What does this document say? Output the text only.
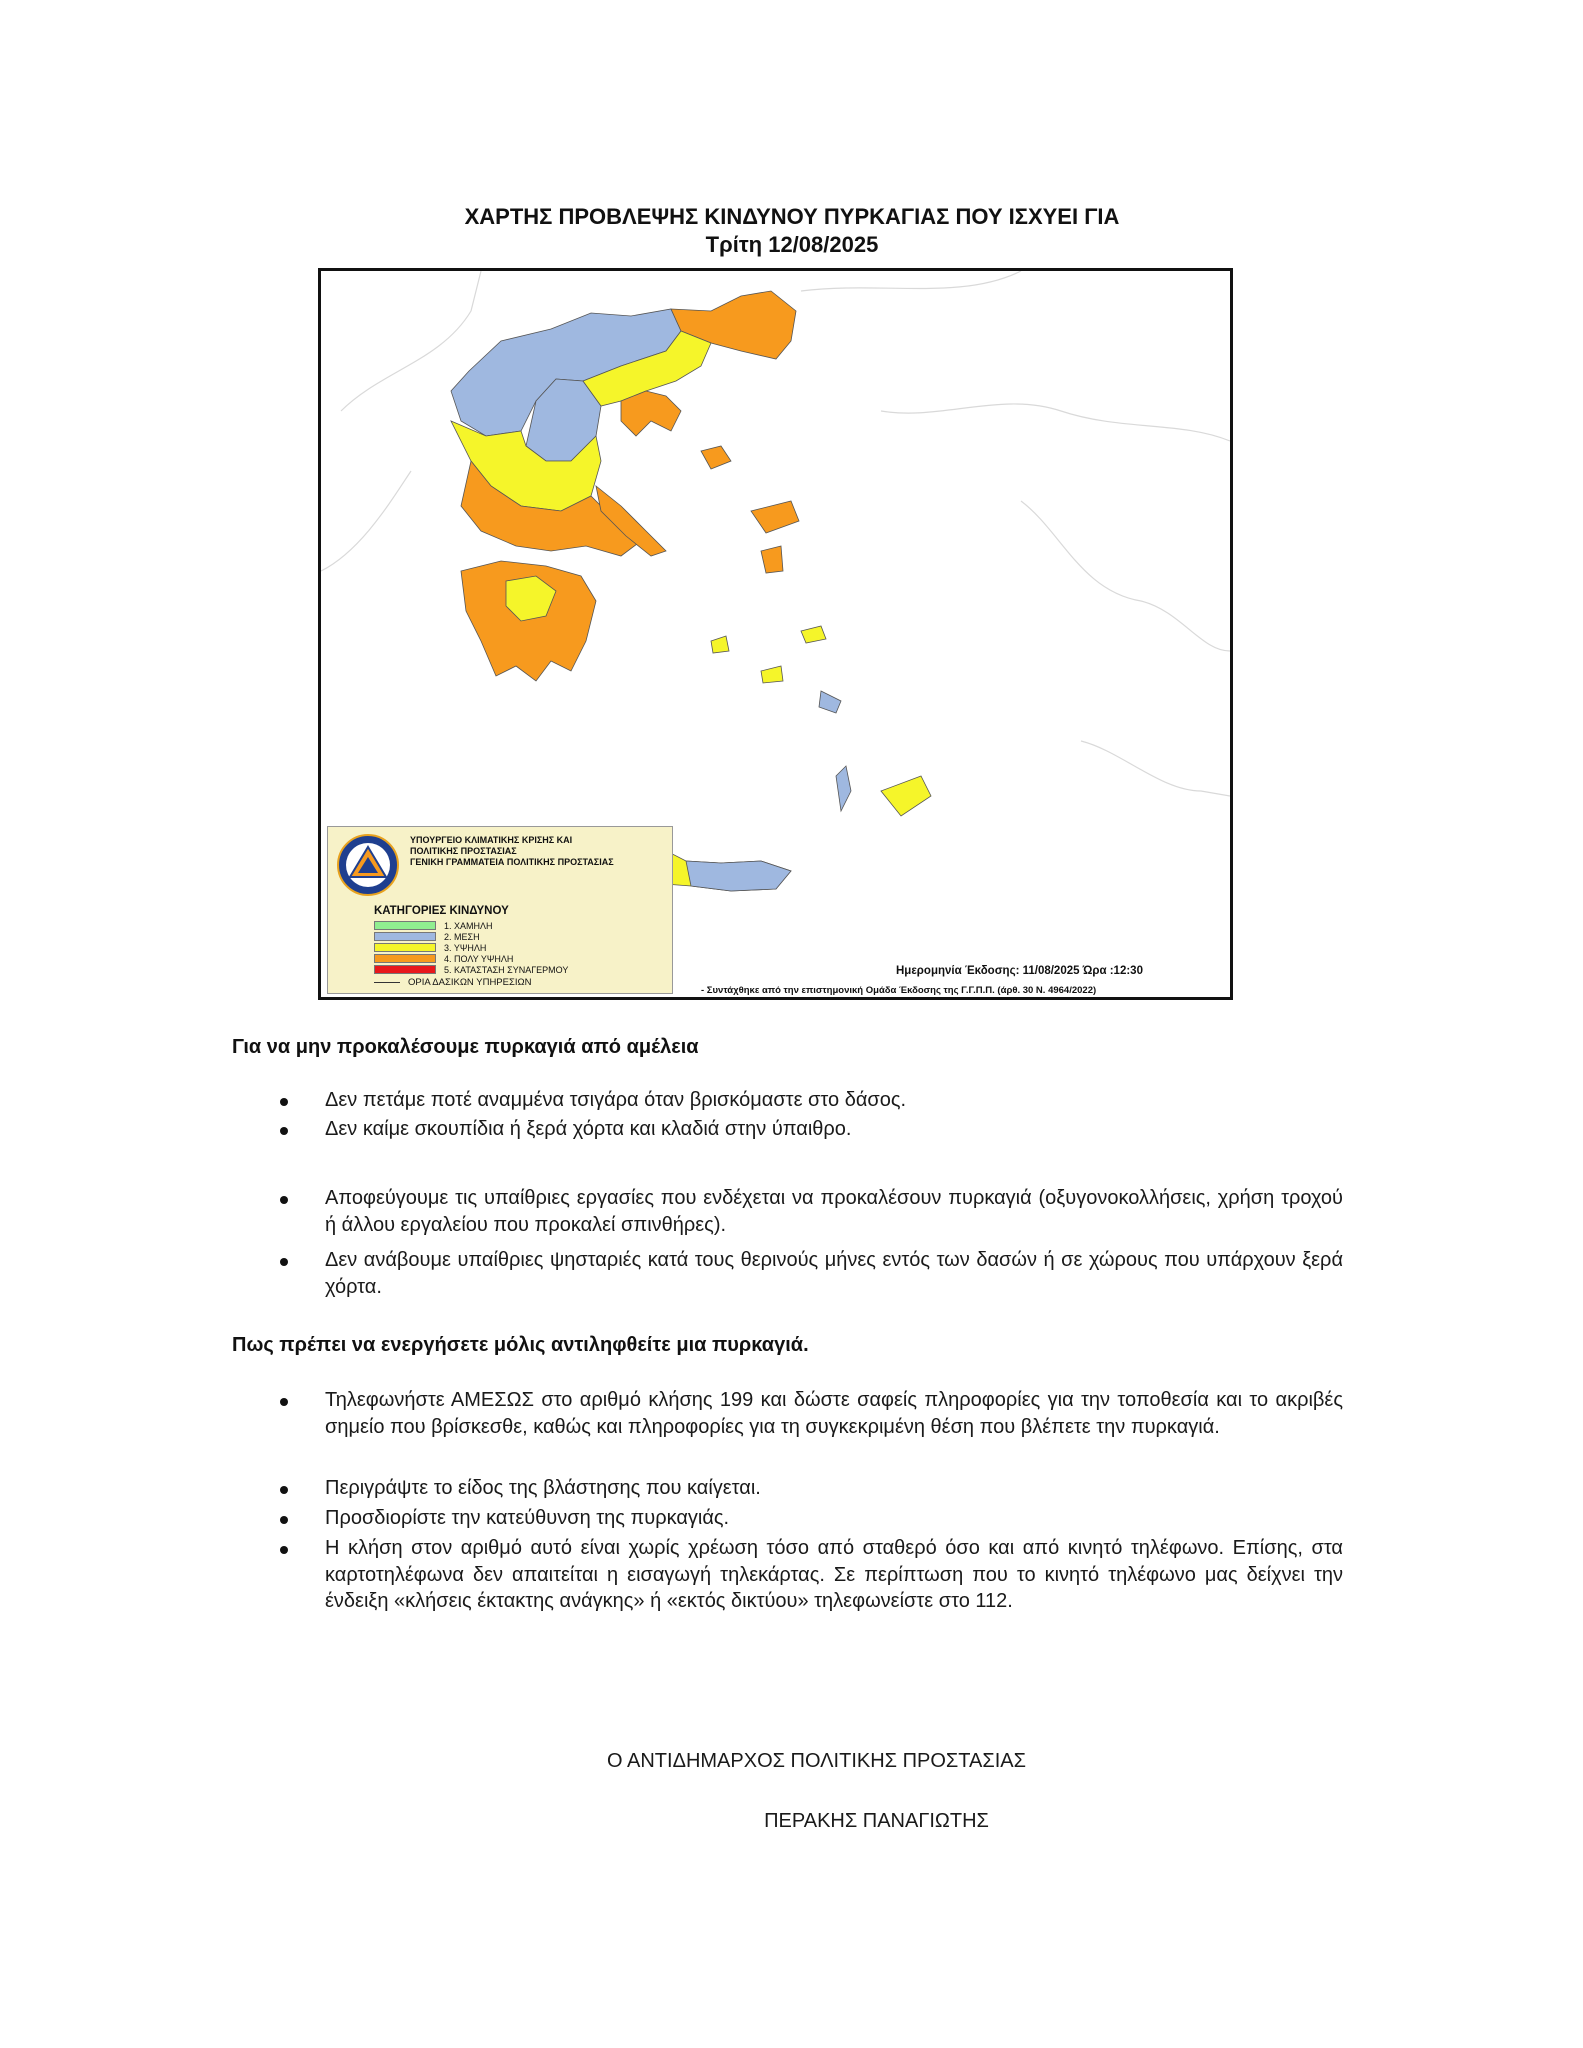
ΧΑΡΤΗΣ ΠΡΟΒΛΕΨΗΣ ΚΙΝΔΥΝΟΥ ΠΥΡΚΑΓΙΑΣ ΠΟΥ ΙΣΧΥΕΙ ΓΙΑ
Τρίτη 12/08/2025
ΥΠΟΥΡΓΕΙΟ ΚΛΙΜΑΤΙΚΗΣ ΚΡΙΣΗΣ ΚΑΙ
ΠΟΛΙΤΙΚΗΣ ΠΡΟΣΤΑΣΙΑΣ
ΓΕΝΙΚΗ ΓΡΑΜΜΑΤΕΙΑ ΠΟΛΙΤΙΚΗΣ ΠΡΟΣΤΑΣΙΑΣ
ΚΑΤΗΓΟΡΙΕΣ ΚΙΝΔΥΝΟΥ
1. ΧΑΜΗΛΗ
2. ΜΕΣΗ
3. ΥΨΗΛΗ
4. ΠΟΛΥ ΥΨΗΛΗ
5. ΚΑΤΑΣΤΑΣΗ ΣΥΝΑΓΕΡΜΟΥ
ΟΡΙΑ ΔΑΣΙΚΩΝ ΥΠΗΡΕΣΙΩΝ
Ημερομηνία Έκδοσης: 11/08/2025 Ώρα :12:30
- Συντάχθηκε από την επιστημονική Ομάδα Έκδοσης της Γ.Γ.Π.Π. (άρθ. 30 Ν. 4964/2022)
Για να μην προκαλέσουμε πυρκαγιά από αμέλεια
Δεν πετάμε ποτέ αναμμένα τσιγάρα όταν βρισκόμαστε στο δάσος.
Δεν καίμε σκουπίδια ή ξερά χόρτα και κλαδιά στην ύπαιθρο.
Αποφεύγουμε τις υπαίθριες εργασίες που ενδέχεται να προκαλέσουν πυρκαγιά (οξυγονοκολλήσεις, χρήση τροχού ή άλλου εργαλείου που προκαλεί σπινθήρες).
Δεν ανάβουμε υπαίθριες ψησταριές κατά τους θερινούς μήνες εντός των δασών ή σε χώρους που υπάρχουν ξερά χόρτα.
Πως πρέπει να ενεργήσετε μόλις αντιληφθείτε μια πυρκαγιά.
Τηλεφωνήστε ΑΜΕΣΩΣ στο αριθμό κλήσης 199 και δώστε σαφείς πληροφορίες για την τοποθεσία και το ακριβές σημείο που βρίσκεσθε, καθώς και πληροφορίες για τη συγκεκριμένη θέση που βλέπετε την πυρκαγιά.
Περιγράψτε το είδος της βλάστησης που καίγεται.
Προσδιορίστε την κατεύθυνση της πυρκαγιάς.
Η κλήση στον αριθμό αυτό είναι χωρίς χρέωση τόσο από σταθερό όσο και από κινητό τηλέφωνο. Επίσης, στα καρτοτηλέφωνα δεν απαιτείται η εισαγωγή τηλεκάρτας. Σε περίπτωση που το κινητό τηλέφωνο μας δείχνει την ένδειξη «κλήσεις έκτακτης ανάγκης» ή «εκτός δικτύου» τηλεφωνείστε στο 112.
Ο ΑΝΤΙΔΗΜΑΡΧΟΣ ΠΟΛΙΤΙΚΗΣ ΠΡΟΣΤΑΣΙΑΣ
ΠΕΡΑΚΗΣ ΠΑΝΑΓΙΩΤΗΣ
